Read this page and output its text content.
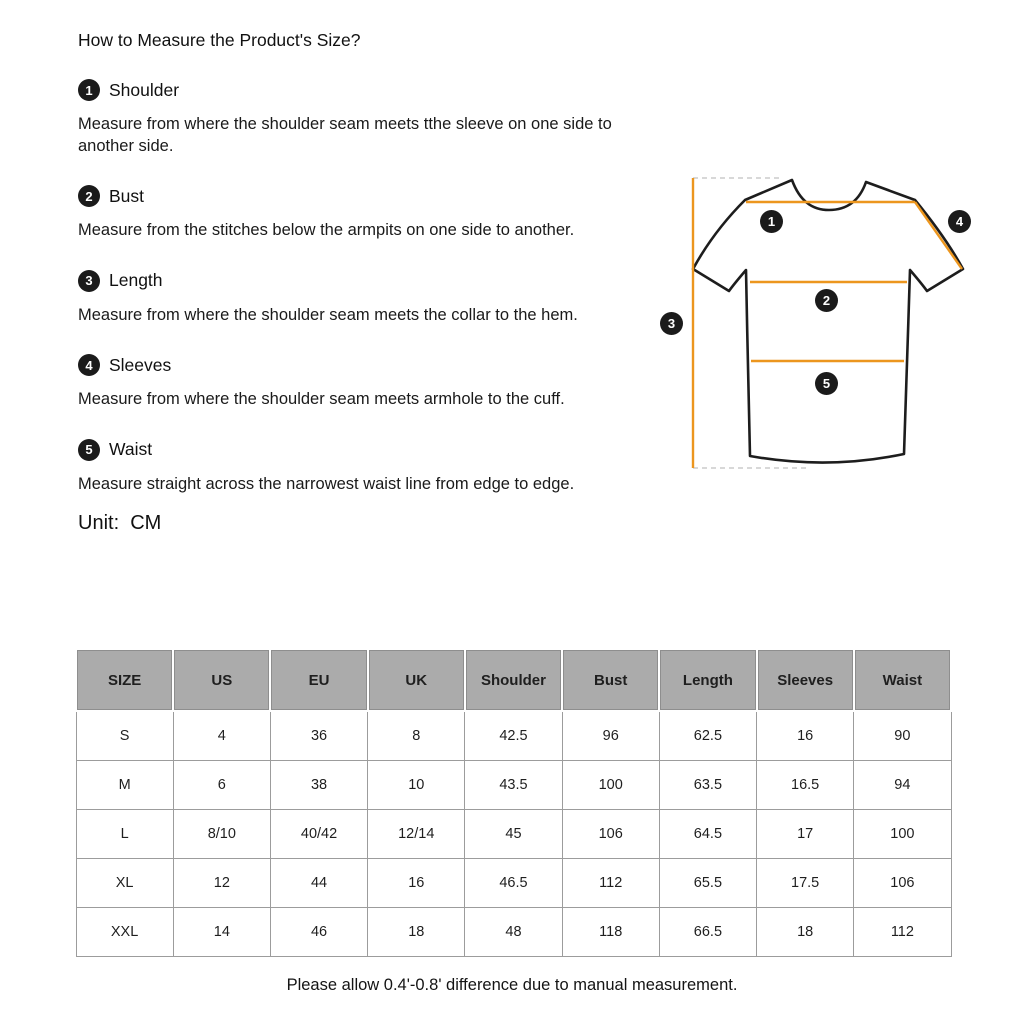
How to Measure the Product's Size?
1 Shoulder
Measure from where the shoulder seam meets tthe sleeve on one side to another side.
2 Bust
Measure from the stitches below the armpits on one side to another.
3 Length
Measure from where the shoulder seam meets the collar to the hem.
4 Sleeves
Measure from where the shoulder seam meets armhole to the cuff.
5 Waist
Measure straight across the narrowest waist line from edge to edge.
Unit:  CM
1
2
3
4
5
SIZE	US	EU	UK	Shoulder	Bust	Length	Sleeves	Waist
S	4	36	8	42.5	96	62.5	16	90
M	6	38	10	43.5	100	63.5	16.5	94
L	8/10	40/42	12/14	45	106	64.5	17	100
XL	12	44	16	46.5	112	65.5	17.5	106
XXL	14	46	18	48	118	66.5	18	112
Please allow 0.4'-0.8' difference due to manual measurement.
